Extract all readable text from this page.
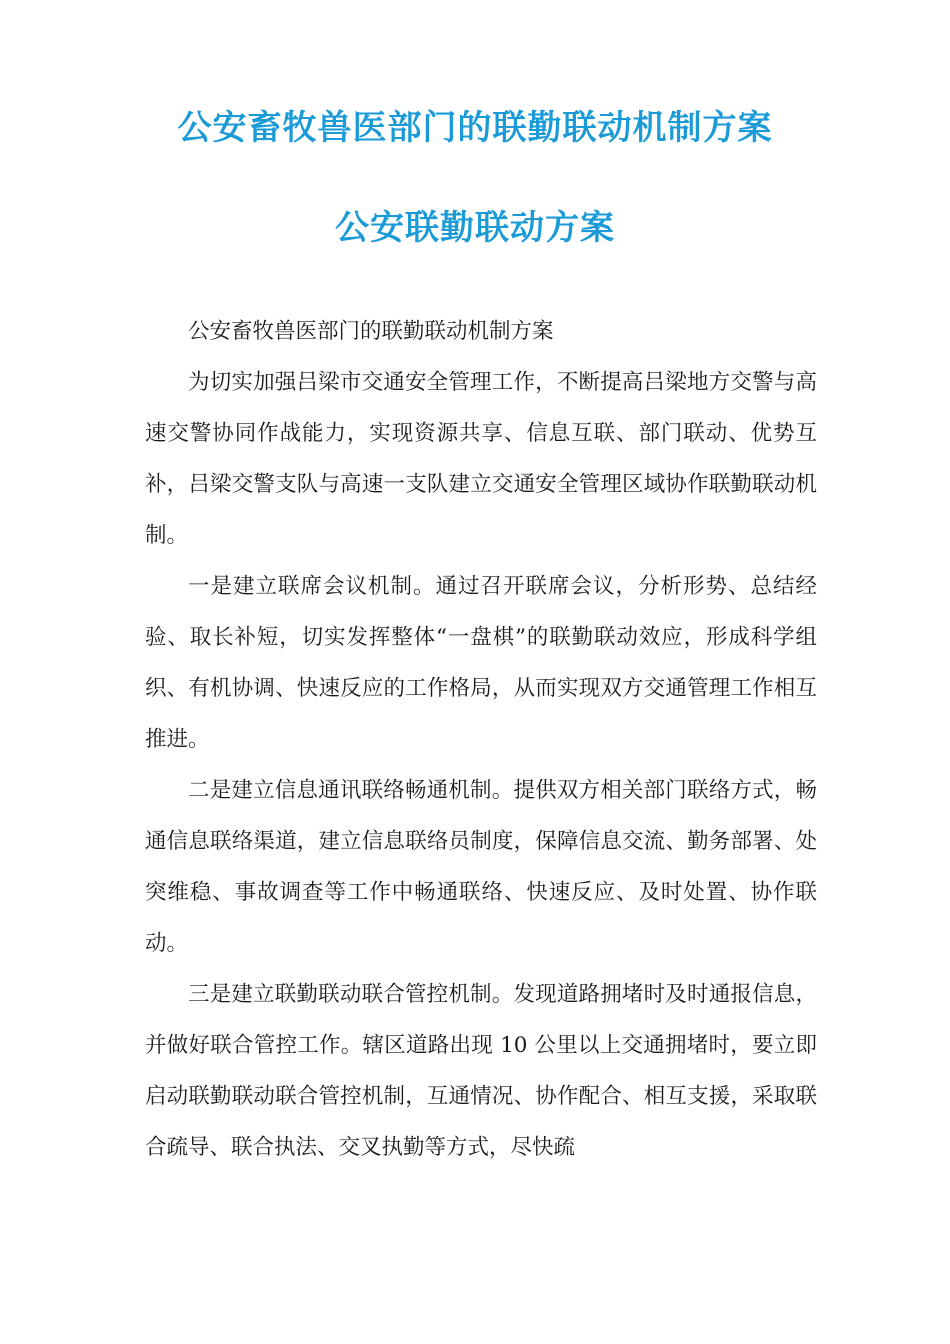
公安畜牧兽医部门的联勤联动机制方案
公安联勤联动方案

公安畜牧兽医部门的联勤联动机制方案

为切实加强吕梁市交通安全管理工作，不断提高吕梁地方交警与高速交警协同作战能力，实现资源共享、信息互联、部门联动、优势互补，吕梁交警支队与高速一支队建立交通安全管理区域协作联勤联动机制。

一是建立联席会议机制。通过召开联席会议，分析形势、总结经验、取长补短，切实发挥整体“一盘棋”的联勤联动效应，形成科学组织、有机协调、快速反应的工作格局，从而实现双方交通管理工作相互推进。

二是建立信息通讯联络畅通机制。提供双方相关部门联络方式，畅通信息联络渠道，建立信息联络员制度，保障信息交流、勤务部署、处突维稳、事故调查等工作中畅通联络、快速反应、及时处置、协作联动。

三是建立联勤联动联合管控机制。发现道路拥堵时及时通报信息，并做好联合管控工作。辖区道路出现 10 公里以上交通拥堵时，要立即启动联勤联动联合管控机制，互通情况、协作配合、相互支援，采取联合疏导、联合执法、交叉执勤等方式，尽快疏
